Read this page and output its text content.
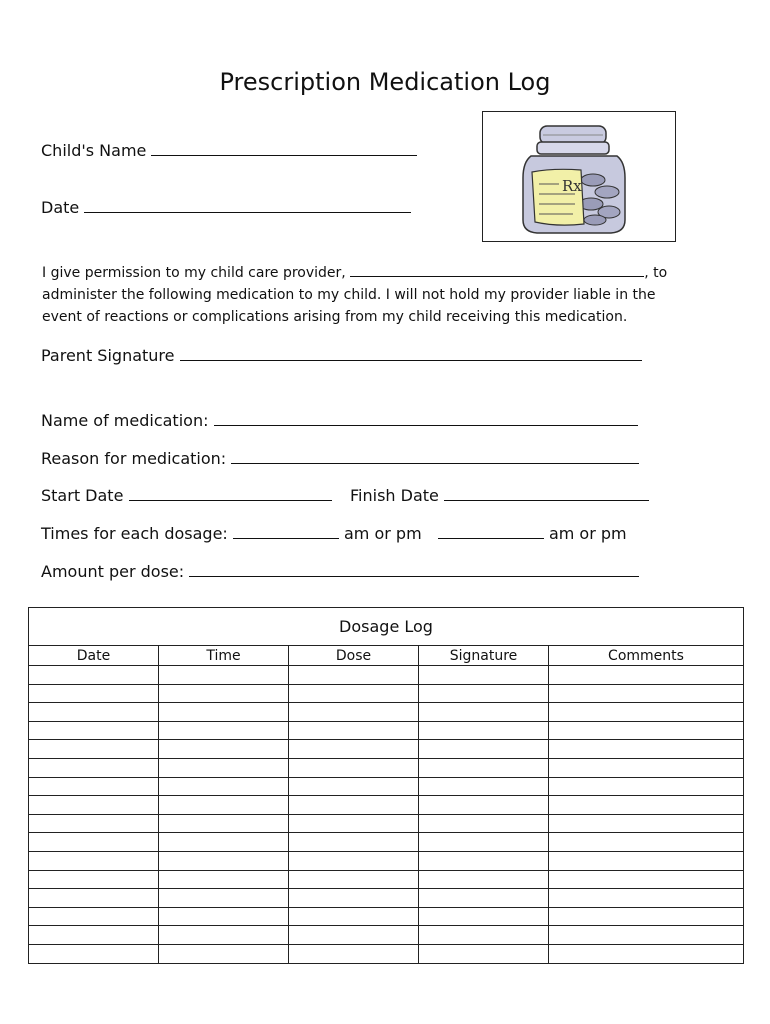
Prescription Medication Log
Child's Name
Date
Rx
I give permission to my child care provider,	, to
administer the following medication to my child. I will not hold my provider liable in the
event of reactions or complications arising from my child receiving this medication.
Parent Signature
Name of medication:
Reason for medication:
Start Date	Finish Date
Times for each dosage:	am or pm	am or pm
Amount per dose:
Dosage Log				
Date	Time	Dose	Signature	Comments
